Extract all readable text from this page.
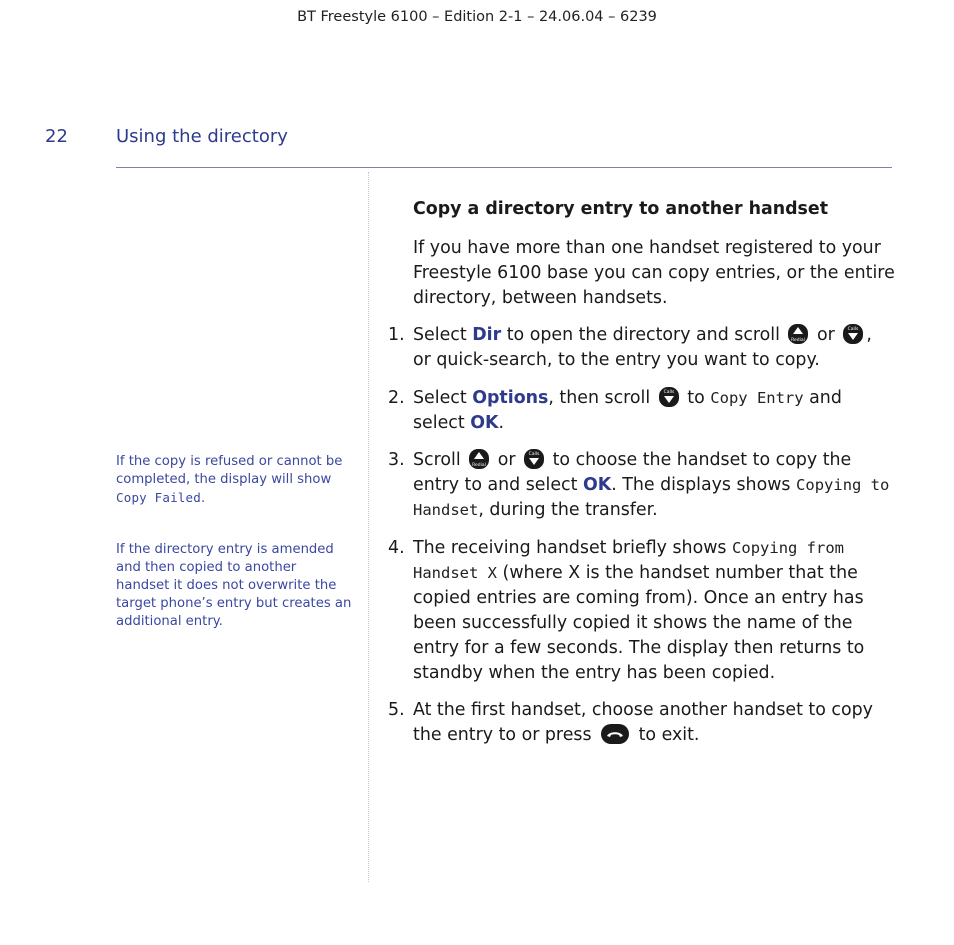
BT Freestyle 6100 – Edition 2-1 – 24.06.04 – 6239
22	Using the directory
If the copy is refused or cannot be completed, the display will show Copy Failed.
If the directory entry is amended and then copied to another handset it does not overwrite the target phone’s entry but creates an additional entry.
Copy a directory entry to another handset
If you have more than one handset registered to your Freestyle 6100 base you can copy entries, or the entire directory, between handsets.
1. Select Dir to open the directory and scroll	Redial or	Calls ,
or quick-search, to the entry you want to copy.
2. Select Options, then scroll	Calls to Copy Entry and
select OK.
3. Scroll	Redial or	Calls to choose the handset to copy the entry to and select OK. The displays shows Copying to Handset, during the transfer.
4. The receiving handset briefly shows Copying from Handset X (where X is the handset number that the copied entries are coming from). Once an entry has been successfully copied it shows the name of the entry for a few seconds. The display then returns to standby when the entry has been copied.
5. At the first handset, choose another handset to copy the entry to or press	to exit.
